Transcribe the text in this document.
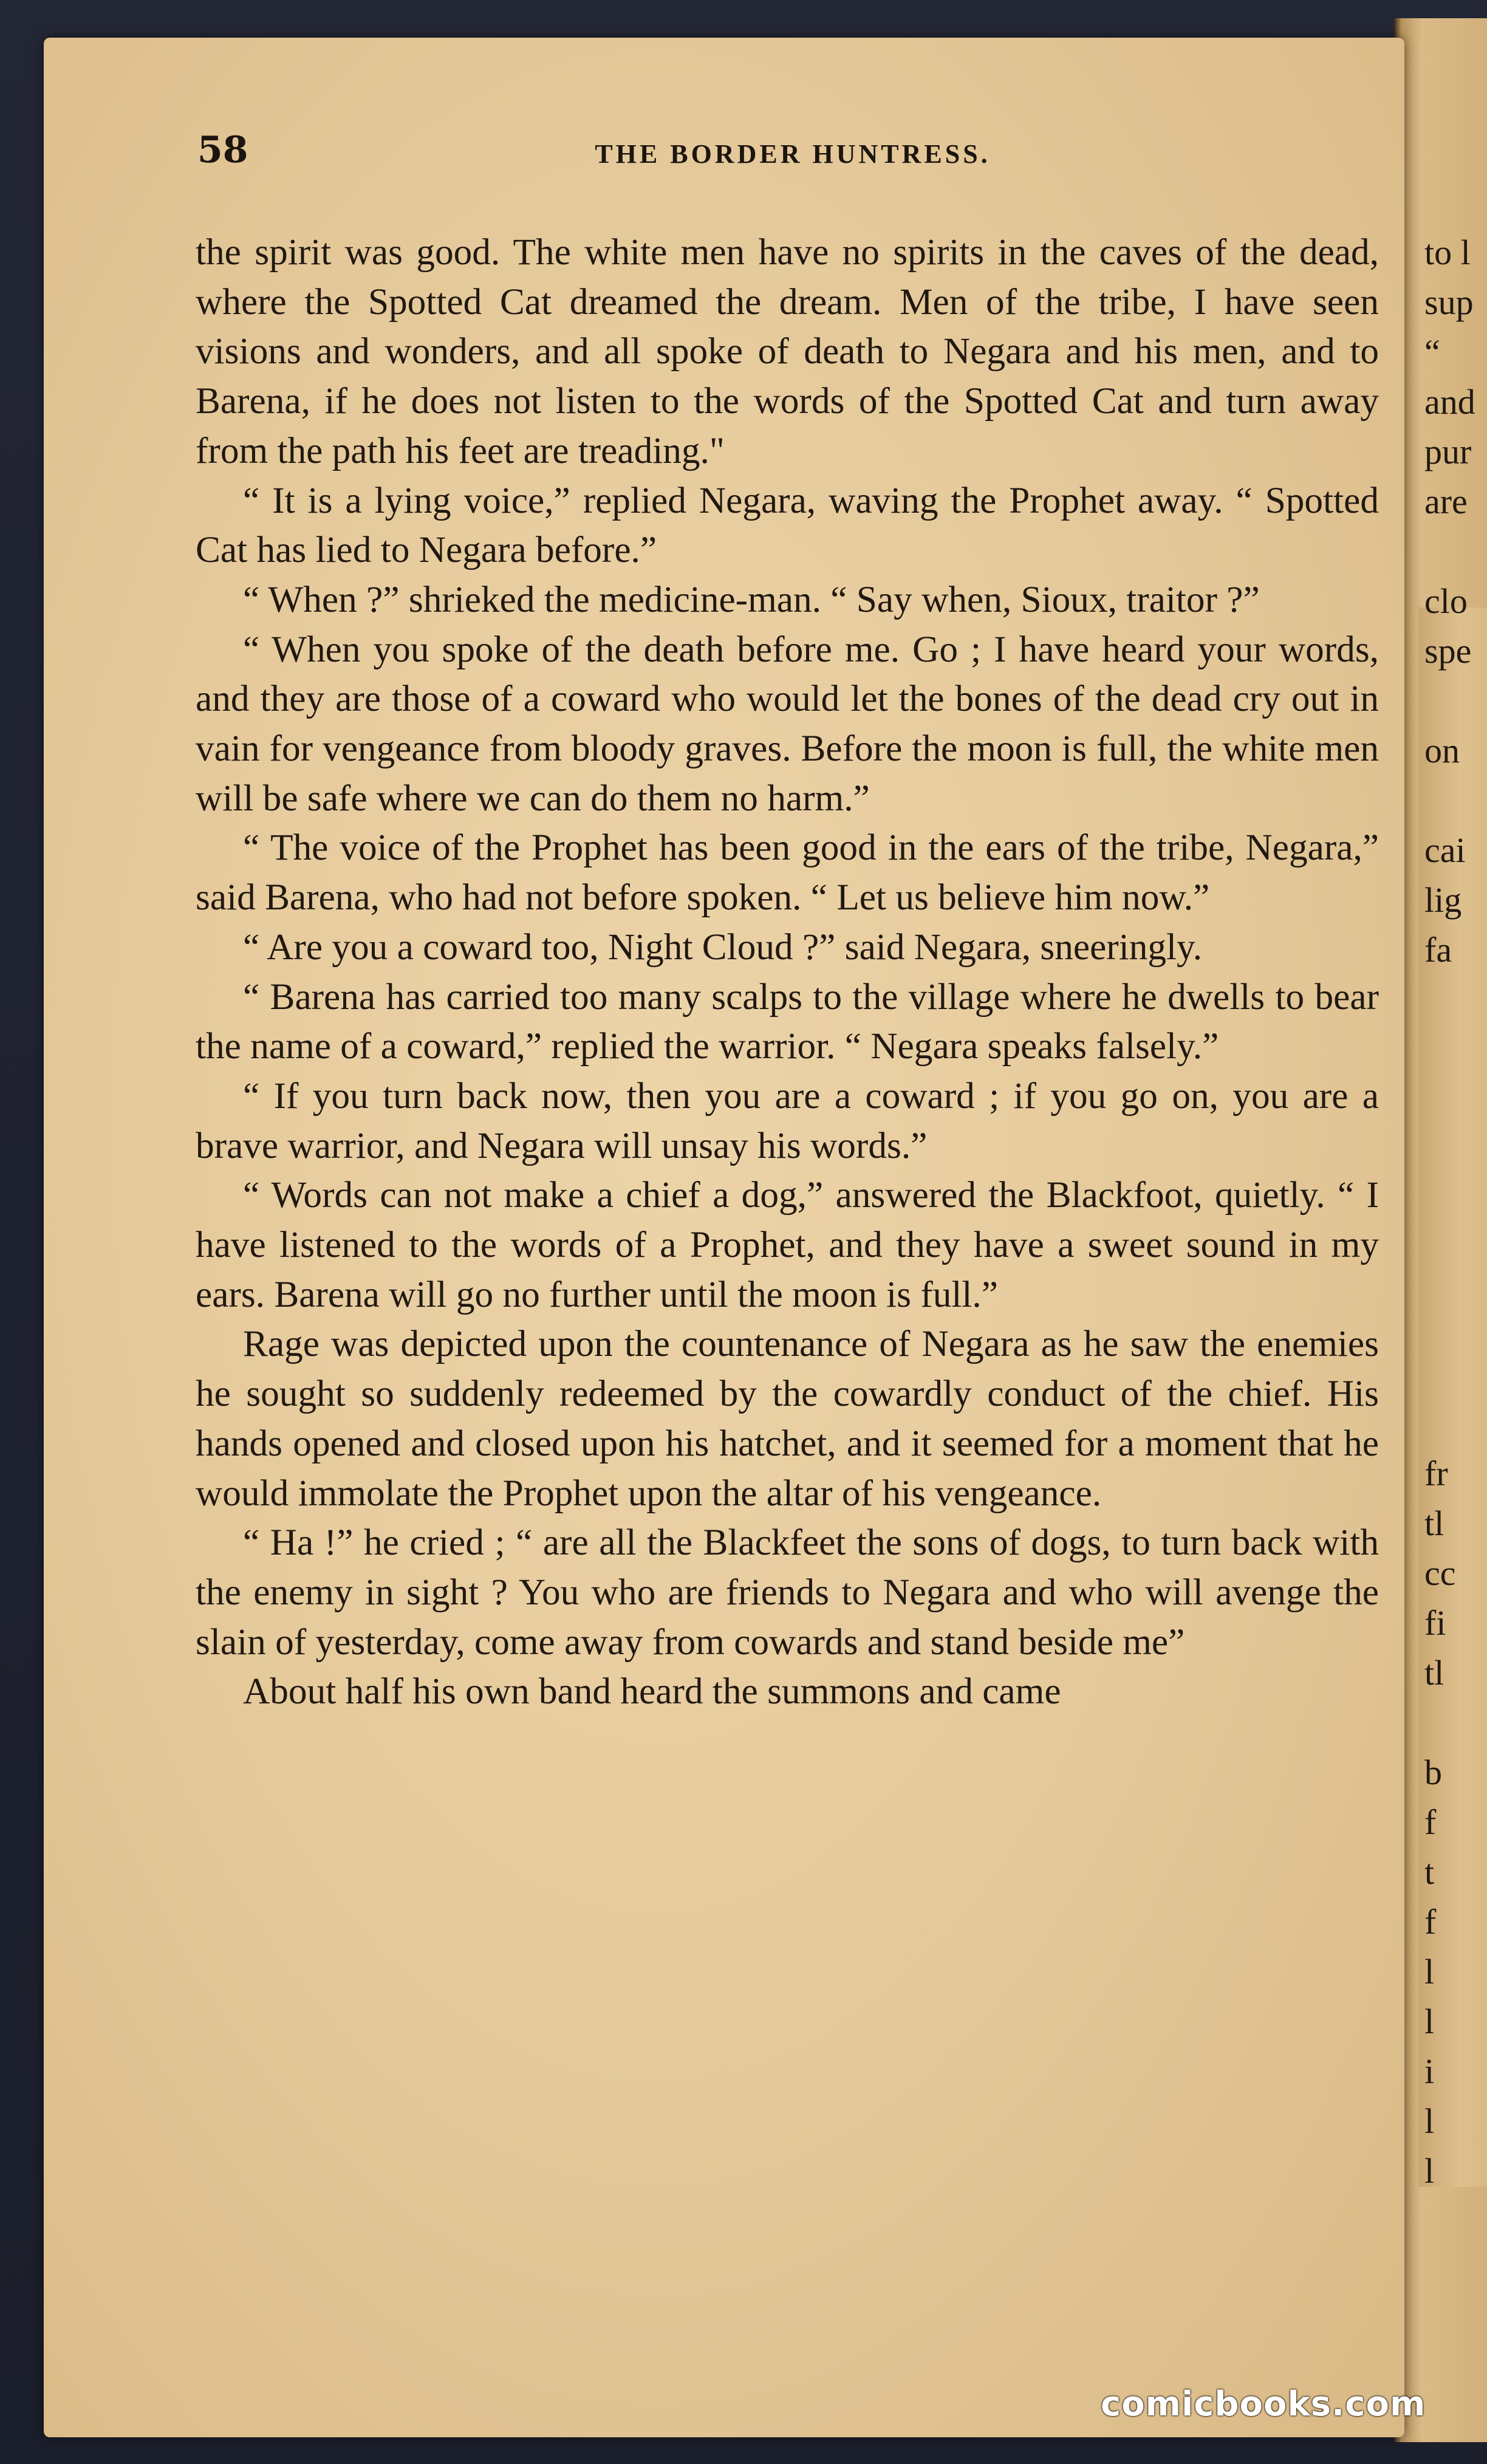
58	THE BORDER HUNTRESS.

the spirit was good. The white men have no spirits in the caves of the dead, where the Spotted Cat dreamed the dream. Men of the tribe, I have seen visions and wonders, and all spoke of death to Negara and his men, and to Barena, if he does not listen to the words of the Spotted Cat and turn away from the path his feet are treading."

“ It is a lying voice,” replied Negara, waving the Prophet away. “ Spotted Cat has lied to Negara before.”

“ When ?” shrieked the medicine-man. “ Say when, Sioux, traitor ?”

“ When you spoke of the death before me. Go ; I have heard your words, and they are those of a coward who would let the bones of the dead cry out in vain for vengeance from bloody graves. Before the moon is full, the white men will be safe where we can do them no harm.”

“ The voice of the Prophet has been good in the ears of the tribe, Negara,” said Barena, who had not before spoken. “ Let us believe him now.”

“ Are you a coward too, Night Cloud ?” said Negara, sneeringly.

“ Barena has carried too many scalps to the village where he dwells to bear the name of a coward,” replied the warrior. “ Negara speaks falsely.”

“ If you turn back now, then you are a coward ; if you go on, you are a brave warrior, and Negara will unsay his words.”

“ Words can not make a chief a dog,” answered the Blackfoot, quietly. “ I have listened to the words of a Prophet, and they have a sweet sound in my ears. Barena will go no further until the moon is full.”

Rage was depicted upon the countenance of Negara as he saw the enemies he sought so suddenly redeemed by the cowardly conduct of the chief. His hands opened and closed upon his hatchet, and it seemed for a moment that he would immolate the Prophet upon the altar of his vengeance.

“ Ha !” he cried ; “ are all the Blackfeet the sons of dogs, to turn back with the enemy in sight ? You who are friends to Negara and who will avenge the slain of yesterday, come away from cowards and stand beside me”

About half his own band heard the summons and came

to l
sup
“
and
pur
are
clo
spe
on
cai
lig
fa
fr
tl
cc
fi
tl
b
f
t
f
l
l
i
l
l
comicbooks.com
